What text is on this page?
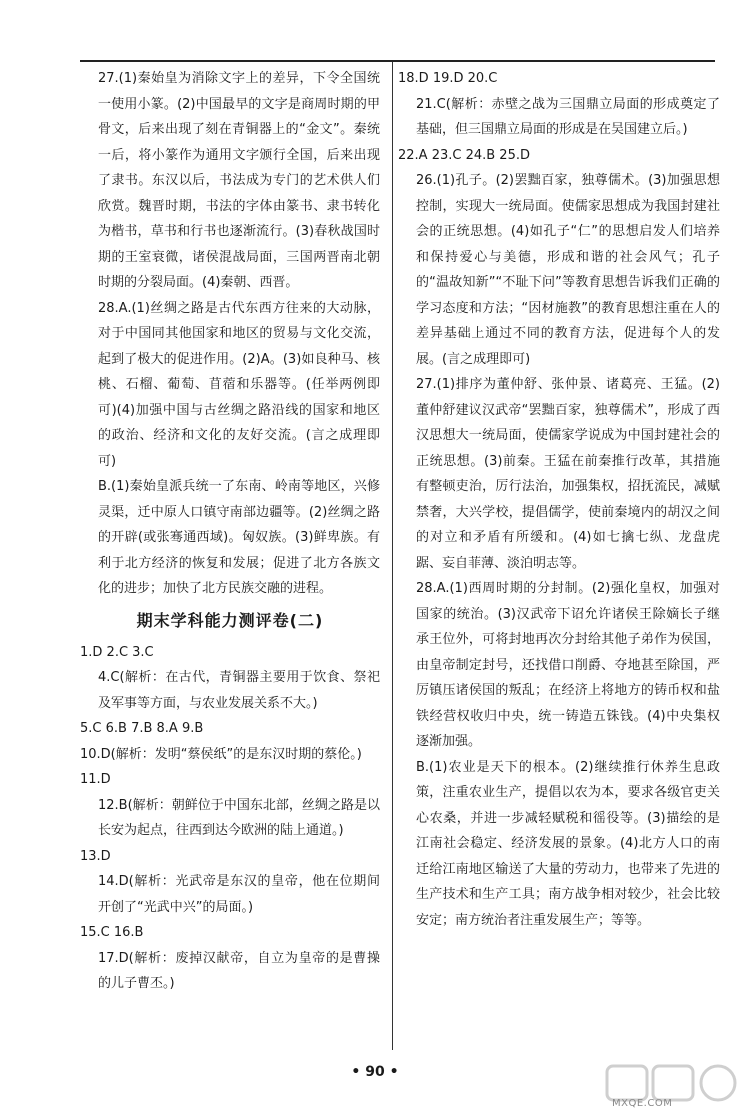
27.(1)秦始皇为消除文字上的差异，下令全国统一使用小篆。(2)中国最早的文字是商周时期的甲骨文，后来出现了刻在青铜器上的“金文”。秦统一后，将小篆作为通用文字颁行全国，后来出现了隶书。东汉以后，书法成为专门的艺术供人们欣赏。魏晋时期，书法的字体由篆书、隶书转化为楷书，草书和行书也逐渐流行。(3)春秋战国时期的王室衰微，诸侯混战局面，三国两晋南北朝时期的分裂局面。(4)秦朝、西晋。

28.A.(1)丝绸之路是古代东西方往来的大动脉，对于中国同其他国家和地区的贸易与文化交流，起到了极大的促进作用。(2)A。(3)如良种马、核桃、石榴、葡萄、苜蓿和乐器等。(任举两例即可)(4)加强中国与古丝绸之路沿线的国家和地区的政治、经济和文化的友好交流。(言之成理即可)

B.(1)秦始皇派兵统一了东南、岭南等地区，兴修灵渠，迁中原人口镇守南部边疆等。(2)丝绸之路的开辟(或张骞通西域)。匈奴族。(3)鲜卑族。有利于北方经济的恢复和发展；促进了北方各族文化的进步；加快了北方民族交融的进程。

期末学科能力测评卷(二)

1.D 2.C 3.C

4.C(解析：在古代，青铜器主要用于饮食、祭祀及军事等方面，与农业发展关系不大。)

5.C 6.B 7.B 8.A 9.B

10.D(解析：发明“蔡侯纸”的是东汉时期的蔡伦。)

11.D

12.B(解析：朝鲜位于中国东北部，丝绸之路是以长安为起点，往西到达今欧洲的陆上通道。)

13.D

14.D(解析：光武帝是东汉的皇帝，他在位期间开创了“光武中兴”的局面。)

15.C 16.B

17.D(解析：废掉汉献帝，自立为皇帝的是曹操的儿子曹丕。)

18.D 19.D 20.C

21.C(解析：赤壁之战为三国鼎立局面的形成奠定了基础，但三国鼎立局面的形成是在吴国建立后。)

22.A 23.C 24.B 25.D

26.(1)孔子。(2)罢黜百家，独尊儒术。(3)加强思想控制，实现大一统局面。使儒家思想成为我国封建社会的正统思想。(4)如孔子“仁”的思想启发人们培养和保持爱心与美德，形成和谐的社会风气；孔子的“温故知新”“不耻下问”等教育思想告诉我们正确的学习态度和方法；“因材施教”的教育思想注重在人的差异基础上通过不同的教育方法，促进每个人的发展。(言之成理即可)

27.(1)排序为董仲舒、张仲景、诸葛亮、王猛。(2)董仲舒建议汉武帝“罢黜百家，独尊儒术”，形成了西汉思想大一统局面，使儒家学说成为中国封建社会的正统思想。(3)前秦。王猛在前秦推行改革，其措施有整顿吏治，厉行法治，加强集权，招抚流民，减赋禁奢，大兴学校，提倡儒学，使前秦境内的胡汉之间的对立和矛盾有所缓和。(4)如七擒七纵、龙盘虎踞、妄自菲薄、淡泊明志等。

28.A.(1)西周时期的分封制。(2)强化皇权，加强对国家的统治。(3)汉武帝下诏允许诸侯王除嫡长子继承王位外，可将封地再次分封给其他子弟作为侯国，由皇帝制定封号，还找借口削爵、夺地甚至除国，严厉镇压诸侯国的叛乱；在经济上将地方的铸币权和盐铁经营权收归中央，统一铸造五铢钱。(4)中央集权逐渐加强。

B.(1)农业是天下的根本。(2)继续推行休养生息政策，注重农业生产，提倡以农为本，要求各级官吏关心农桑，并进一步减轻赋税和徭役等。(3)描绘的是江南社会稳定、经济发展的景象。(4)北方人口的南迁给江南地区输送了大量的劳动力，也带来了先进的生产技术和生产工具；南方战争相对较少，社会比较安定；南方统治者注重发展生产；等等。

• 90 •
MXQE.COM
